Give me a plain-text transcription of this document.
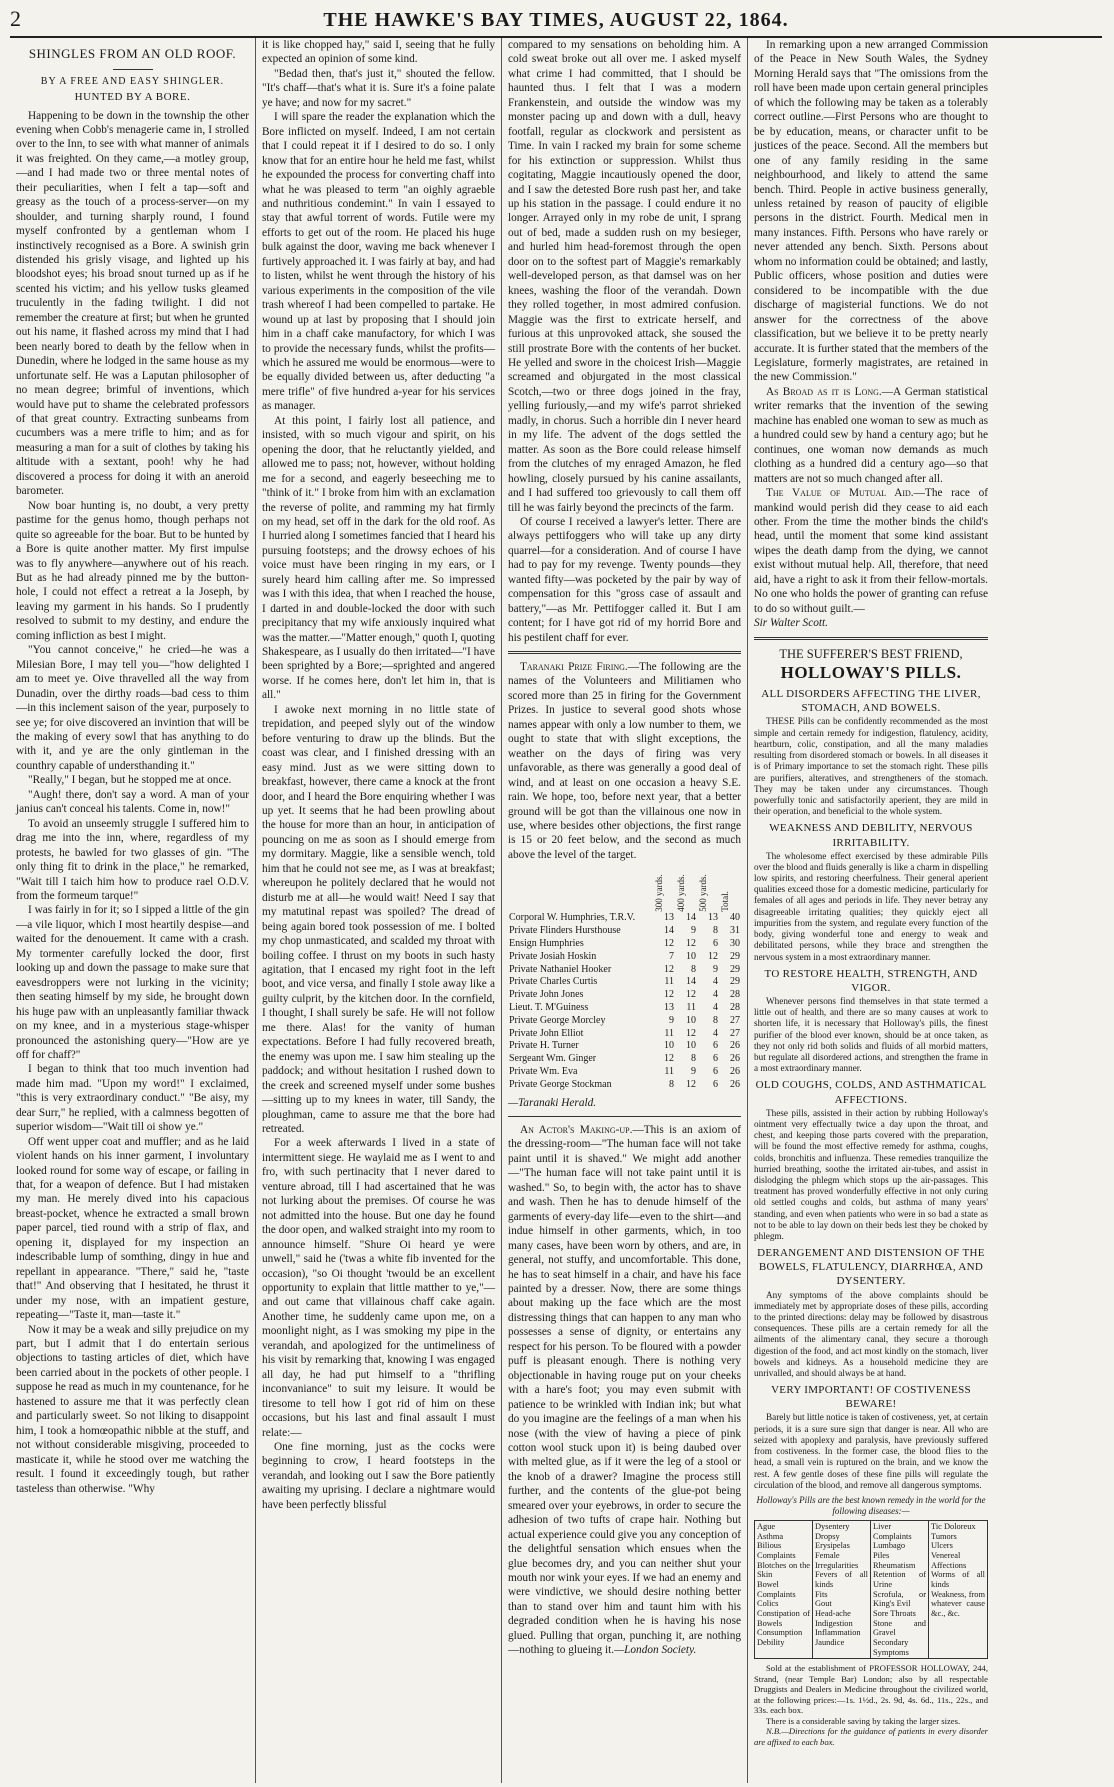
2	THE HAWKE'S BAY TIMES, AUGUST 22, 1864.
SHINGLES FROM AN OLD ROOF.
BY A FREE AND EASY SHINGLER.
HUNTED BY A BORE.

Happening to be down in the township the other evening when Cobb's menagerie came in, I strolled over to the Inn, to see with what manner of animals it was freighted. On they came,—a motley group,—and I had made two or three mental notes of their peculiarities, when I felt a tap—soft and greasy as the touch of a process-server—on my shoulder, and turning sharply round, I found myself confronted by a gentleman whom I instinctively recognised as a Bore. A swinish grin distended his grisly visage, and lighted up his bloodshot eyes; his broad snout turned up as if he scented his victim; and his yellow tusks gleamed truculently in the fading twilight. I did not remember the creature at first; but when he grunted out his name, it flashed across my mind that I had been nearly bored to death by the fellow when in Dunedin, where he lodged in the same house as my unfortunate self. He was a Laputan philosopher of no mean degree; brimful of inventions, which would have put to shame the celebrated professors of that great country. Extracting sunbeams from cucumbers was a mere trifle to him; and as for measuring a man for a suit of clothes by taking his altitude with a sextant, pooh! why he had discovered a process for doing it with an aneroid barometer.

Now boar hunting is, no doubt, a very pretty pastime for the genus homo, though perhaps not quite so agreeable for the boar. But to be hunted by a Bore is quite another matter. My first impulse was to fly anywhere—anywhere out of his reach. But as he had already pinned me by the button-hole, I could not effect a retreat a la Joseph, by leaving my garment in his hands. So I prudently resolved to submit to my destiny, and endure the coming infliction as best I might.

"You cannot conceive," he cried—he was a Milesian Bore, I may tell you—"how delighted I am to meet ye. Oive thravelled all the way from Dunadin, over the dirthy roads—bad cess to thim—in this inclement saison of the year, purposely to see ye; for oive discovered an invintion that will be the making of every sowl that has anything to do with it, and ye are the only gintleman in the counthry capable of understhanding it."

"Really," I began, but he stopped me at once.

"Augh! there, don't say a word. A man of your janius can't conceal his talents. Come in, now!"

To avoid an unseemly struggle I suffered him to drag me into the inn, where, regardless of my protests, he bawled for two glasses of gin. "The only thing fit to drink in the place," he remarked, "Wait till I taich him how to produce rael O.D.V. from the formeum tarque!"

I was fairly in for it; so I sipped a little of the gin—a vile liquor, which I most heartily despise—and waited for the denouement. It came with a crash. My tormenter carefully locked the door, first looking up and down the passage to make sure that eavesdroppers were not lurking in the vicinity; then seating himself by my side, he brought down his huge paw with an unpleasantly familiar thwack on my knee, and in a mysterious stage-whisper pronounced the astonishing query—"How are ye off for chaff?"

I began to think that too much invention had made him mad. "Upon my word!" I exclaimed, "this is very extraordinary conduct." "Be aisy, my dear Surr," he replied, with a calmness begotten of superior wisdom—"Wait till oi show ye."

Off went upper coat and muffler; and as he laid violent hands on his inner garment, I involuntary looked round for some way of escape, or failing in that, for a weapon of defence. But I had mistaken my man. He merely dived into his capacious breast-pocket, whence he extracted a small brown paper parcel, tied round with a strip of flax, and opening it, displayed for my inspection an indescribable lump of somthing, dingy in hue and repellant in appearance. "There," said he, "taste that!" And observing that I hesitated, he thrust it under my nose, with an impatient gesture, repeating—"Taste it, man—taste it."

Now it may be a weak and silly prejudice on my part, but I admit that I do entertain serious objections to tasting articles of diet, which have been carried about in the pockets of other people. I suppose he read as much in my countenance, for he hastened to assure me that it was perfectly clean and particularly sweet. So not liking to disappoint him, I took a homœopathic nibble at the stuff, and not without considerable misgiving, proceeded to masticate it, while he stood over me watching the result. I found it exceedingly tough, but rather tasteless than otherwise. "Why

it is like chopped hay," said I, seeing that he fully expected an opinion of some kind.

"Bedad then, that's just it," shouted the fellow. "It's chaff—that's what it is. Sure it's a foine palate ye have; and now for my sacret."

I will spare the reader the explanation which the Bore inflicted on myself. Indeed, I am not certain that I could repeat it if I desired to do so. I only know that for an entire hour he held me fast, whilst he expounded the process for converting chaff into what he was pleased to term "an oighly agraeble and nuthritious condemint." In vain I essayed to stay that awful torrent of words. Futile were my efforts to get out of the room. He placed his huge bulk against the door, waving me back whenever I furtively approached it. I was fairly at bay, and had to listen, whilst he went through the history of his various experiments in the composition of the vile trash whereof I had been compelled to partake. He wound up at last by proposing that I should join him in a chaff cake manufactory, for which I was to provide the necessary funds, whilst the profits—which he assured me would be enormous—were to be equally divided between us, after deducting "a mere trifle" of five hundred a-year for his services as manager.

At this point, I fairly lost all patience, and insisted, with so much vigour and spirit, on his opening the door, that he reluctantly yielded, and allowed me to pass; not, however, without holding me for a second, and eagerly beseeching me to "think of it." I broke from him with an exclamation the reverse of polite, and ramming my hat firmly on my head, set off in the dark for the old roof. As I hurried along I sometimes fancied that I heard his pursuing footsteps; and the drowsy echoes of his voice must have been ringing in my ears, or I surely heard him calling after me. So impressed was I with this idea, that when I reached the house, I darted in and double-locked the door with such precipitancy that my wife anxiously inquired what was the matter.—"Matter enough," quoth I, quoting Shakespeare, as I usually do then irritated—"I have been sprighted by a Bore;—sprighted and angered worse. If he comes here, don't let him in, that is all."

I awoke next morning in no little state of trepidation, and peeped slyly out of the window before venturing to draw up the blinds. But the coast was clear, and I finished dressing with an easy mind. Just as we were sitting down to breakfast, however, there came a knock at the front door, and I heard the Bore enquiring whether I was up yet. It seems that he had been prowling about the house for more than an hour, in anticipation of pouncing on me as soon as I should emerge from my dormitary. Maggie, like a sensible wench, told him that he could not see me, as I was at breakfast; whereupon he politely declared that he would not disturb me at all—he would wait! Need I say that my matutinal repast was spoiled? The dread of being again bored took possession of me. I bolted my chop unmasticated, and scalded my throat with boiling coffee. I thrust on my boots in such hasty agitation, that I encased my right foot in the left boot, and vice versa, and finally I stole away like a guilty culprit, by the kitchen door. In the cornfield, I thought, I shall surely be safe. He will not follow me there. Alas! for the vanity of human expectations. Before I had fully recovered breath, the enemy was upon me. I saw him stealing up the paddock; and without hesitation I rushed down to the creek and screened myself under some bushes—sitting up to my knees in water, till Sandy, the ploughman, came to assure me that the bore had retreated.

For a week afterwards I lived in a state of intermittent siege. He waylaid me as I went to and fro, with such pertinacity that I never dared to venture abroad, till I had ascertained that he was not lurking about the premises. Of course he was not admitted into the house. But one day he found the door open, and walked straight into my room to announce himself. "Shure Oi heard ye were unwell," said he ('twas a white fib invented for the occasion), "so Oi thought 'twould be an excellent opportunity to explain that little matther to ye,"—and out came that villainous chaff cake again. Another time, he suddenly came upon me, on a moonlight night, as I was smoking my pipe in the verandah, and apologized for the untimeliness of his visit by remarking that, knowing I was engaged all day, he had put himself to a "thrifling inconvaniance" to suit my leisure. It would be tiresome to tell how I got rid of him on these occasions, but his last and final assault I must relate:—

One fine morning, just as the cocks were beginning to crow, I heard footsteps in the verandah, and looking out I saw the Bore patiently awaiting my uprising. I declare a nightmare would have been perfectly blissful

compared to my sensations on beholding him. A cold sweat broke out all over me. I asked myself what crime I had committed, that I should be haunted thus. I felt that I was a modern Frankenstein, and outside the window was my monster pacing up and down with a dull, heavy footfall, regular as clockwork and persistent as Time. In vain I racked my brain for some scheme for his extinction or suppression. Whilst thus cogitating, Maggie incautiously opened the door, and I saw the detested Bore rush past her, and take up his station in the passage. I could endure it no longer. Arrayed only in my robe de unit, I sprang out of bed, made a sudden rush on my besieger, and hurled him head-foremost through the open door on to the softest part of Maggie's remarkably well-developed person, as that damsel was on her knees, washing the floor of the verandah. Down they rolled together, in most admired confusion. Maggie was the first to extricate herself, and furious at this unprovoked attack, she soused the still prostrate Bore with the contents of her bucket. He yelled and swore in the choicest Irish—Maggie screamed and objurgated in the most classical Scotch,—two or three dogs joined in the fray, yelling furiously,—and my wife's parrot shrieked madly, in chorus. Such a horrible din I never heard in my life. The advent of the dogs settled the matter. As soon as the Bore could release himself from the clutches of my enraged Amazon, he fled howling, closely pursued by his canine assailants, and I had suffered too grievously to call them off till he was fairly beyond the precincts of the farm.

Of course I received a lawyer's letter. There are always pettifoggers who will take up any dirty quarrel—for a consideration. And of course I have had to pay for my revenge. Twenty pounds—they wanted fifty—was pocketed by the pair by way of compensation for this "gross case of assault and battery,"—as Mr. Pettifogger called it. But I am content; for I have got rid of my horrid Bore and his pestilent chaff for ever.

Taranaki Prize Firing.—The following are the names of the Volunteers and Militiamen who scored more than 25 in firing for the Government Prizes. In justice to several good shots whose names appear with only a low number to them, we ought to state that with slight exceptions, the weather on the days of firing was very unfavorable, as there was generally a good deal of wind, and at least on one occasion a heavy S.E. rain. We hope, too, before next year, that a better ground will be got than the villainous one now in use, where besides other objections, the first range is 15 or 20 feet below, and the second as much above the level of the target.

	300 yards.	400 yards.	500 yards.	Total.
Corporal W. Humphries, T.R.V.	13	14	13	40
Private Flinders Hursthouse	14	9	8	31
Ensign Humphries	12	12	6	30
Private Josiah Hoskin	7	10	12	29
Private Nathaniel Hooker	12	8	9	29
Private Charles Curtis	11	14	4	29
Private John Jones	12	12	4	28
Lieut. T. M'Guiness	13	11	4	28
Private George Morcley	9	10	8	27
Private John Elliot	11	12	4	27
Private H. Turner	10	10	6	26
Sergeant Wm. Ginger	12	8	6	26
Private Wm. Eva	11	9	6	26
Private George Stockman	8	12	6	26

—Taranaki Herald.

An Actor's Making-up.—This is an axiom of the dressing-room—"The human face will not take paint until it is shaved." We might add another—"The human face will not take paint until it is washed." So, to begin with, the actor has to shave and wash. Then he has to denude himself of the garments of every-day life—even to the shirt—and indue himself in other garments, which, in too many cases, have been worn by others, and are, in general, not stuffy, and uncomfortable. This done, he has to seat himself in a chair, and have his face painted by a dresser. Now, there are some things about making up the face which are the most distressing things that can happen to any man who possesses a sense of dignity, or entertains any respect for his person. To be floured with a powder puff is pleasant enough. There is nothing very objectionable in having rouge put on your cheeks with a hare's foot; you may even submit with patience to be wrinkled with Indian ink; but what do you imagine are the feelings of a man when his nose (with the view of having a piece of pink cotton wool stuck upon it) is being daubed over with melted glue, as if it were the leg of a stool or the knob of a drawer? Imagine the process still further, and the contents of the glue-pot being smeared over your eyebrows, in order to secure the adhesion of two tufts of crape hair. Nothing but actual experience could give you any conception of the delightful sensation which ensues when the glue becomes dry, and you can neither shut your mouth nor wink your eyes. If we had an enemy and were vindictive, we should desire nothing better than to stand over him and taunt him with his degraded condition when he is having his nose glued. Pulling that organ, punching it, are nothing—nothing to glueing it.—London Society.

In remarking upon a new arranged Commission of the Peace in New South Wales, the Sydney Morning Herald says that "The omissions from the roll have been made upon certain general principles of which the following may be taken as a tolerably correct outline.—First Persons who are thought to be by education, means, or character unfit to be justices of the peace. Second. All the members but one of any family residing in the same neighbourhood, and likely to attend the same bench. Third. People in active business generally, unless retained by reason of paucity of eligible persons in the district. Fourth. Medical men in many instances. Fifth. Persons who have rarely or never attended any bench. Sixth. Persons about whom no information could be obtained; and lastly, Public officers, whose position and duties were considered to be incompatible with the due discharge of magisterial functions. We do not answer for the correctness of the above classification, but we believe it to be pretty nearly accurate. It is further stated that the members of the Legislature, formerly magistrates, are retained in the new Commission."

As Broad as it is Long.—A German statistical writer remarks that the invention of the sewing machine has enabled one woman to sew as much as a hundred could sew by hand a century ago; but he continues, one woman now demands as much clothing as a hundred did a century ago—so that matters are not so much changed after all.

The Value of Mutual Aid.—The race of mankind would perish did they cease to aid each other. From the time the mother binds the child's head, until the moment that some kind assistant wipes the death damp from the dying, we cannot exist without mutual help. All, therefore, that need aid, have a right to ask it from their fellow-mortals. No one who holds the power of granting can refuse to do so without guilt.—

Sir Walter Scott.

THE SUFFERER'S BEST FRIEND,
HOLLOWAY'S PILLS.
ALL DISORDERS AFFECTING THE LIVER, STOMACH, AND BOWELS.

THESE Pills can be confidently recommended as the most simple and certain remedy for indigestion, flatulency, acidity, heartburn, colic, constipation, and all the many maladies resulting from disordered stomach or bowels. In all diseases it is of Primary importance to set the stomach right. These pills are purifiers, alteratives, and strengtheners of the stomach. They may be taken under any circumstances. Though powerfully tonic and satisfactorily aperient, they are mild in their operation, and beneficial to the whole system.

WEAKNESS AND DEBILITY, NERVOUS IRRITABILITY.

The wholesome effect exercised by these admirable Pills over the blood and fluids generally is like a charm in dispelling low spirits, and restoring cheerfulness. Their general aperient qualities exceed those for a domestic medicine, particularly for females of all ages and periods in life. They never betray any disagreeable irritating qualities; they quickly eject all impurities from the system, and regulate every function of the body, giving wonderful tone and energy to weak and debilitated persons, while they brace and strengthen the nervous system in a most extraordinary manner.

TO RESTORE HEALTH, STRENGTH, AND VIGOR.

Whenever persons find themselves in that state termed a little out of health, and there are so many causes at work to shorten life, it is necessary that Holloway's pills, the finest purifier of the blood ever known, should be at once taken, as they not only rid both solids and fluids of all morbid matters, but regulate all disordered actions, and strengthen the frame in a most extraordinary manner.

OLD COUGHS, COLDS, AND ASTHMATICAL AFFECTIONS.

These pills, assisted in their action by rubbing Holloway's ointment very effectually twice a day upon the throat, and chest, and keeping those parts covered with the preparation, will be found the most effective remedy for asthma, coughs, colds, bronchitis and influenza. These remedies tranquilize the hurried breathing, soothe the irritated air-tubes, and assist in dislodging the phlegm which stops up the air-passages. This treatment has proved wonderfully effective in not only curing old settled coughs and colds, but asthma of many years' standing, and even when patients who were in so bad a state as not to be able to lay down on their beds lest they be choked by phlegm.

DERANGEMENT AND DISTENSION OF THE BOWELS, FLATULENCY, DIARRHŒA, AND DYSENTERY.

Any symptoms of the above complaints should be immediately met by appropriate doses of these pills, according to the printed directions: delay may be followed by disastrous consequences. These pills are a certain remedy for all the ailments of the alimentary canal, they secure a thorough digestion of the food, and act most kindly on the stomach, liver bowels and kidneys. As a household medicine they are unrivalled, and should always be at hand.

VERY IMPORTANT! OF COSTIVENESS BEWARE!

Barely but little notice is taken of costiveness, yet, at certain periods, it is a sure sure sign that danger is near. All who are seized with apoplexy and paralysis, have previously suffered from costiveness. In the former case, the blood flies to the head, a small vein is ruptured on the brain, and we know the rest. A few gentle doses of these fine pills will regulate the circulation of the blood, and remove all dangerous symptoms.

Holloway's Pills are the best known remedy in the world for the following diseases:—
Ague
Asthma
Bilious Complaints
Blotches on the Skin
Bowel Complaints
Colics
Constipation of Bowels
Consumption
Debility
Dysentery
Dropsy
Erysipelas
Female Irregularities
Fevers of all kinds
Fits
Gout
Head-ache
Indigestion
Inflammation
Jaundice
Liver Complaints
Lumbago
Piles
Rheumatism
Retention of Urine
Scrofula, or King's Evil
Sore Throats
Stone and Gravel
Secondary Symptoms
Tic Doloreux
Tumors
Ulcers
Venereal Affections
Worms of all kinds
Weakness, from whatever cause &c., &c.

Sold at the establishment of PROFESSOR HOLLOWAY, 244, Strand, (near Temple Bar) London; also by all respectable Druggists and Dealers in Medicine throughout the civilized world, at the following prices:—1s. 1½d., 2s. 9d, 4s. 6d., 11s., 22s., and 33s. each box.

There is a considerable saving by taking the larger sizes.

N.B.—Directions for the guidance of patients in every disorder are affixed to each box.
